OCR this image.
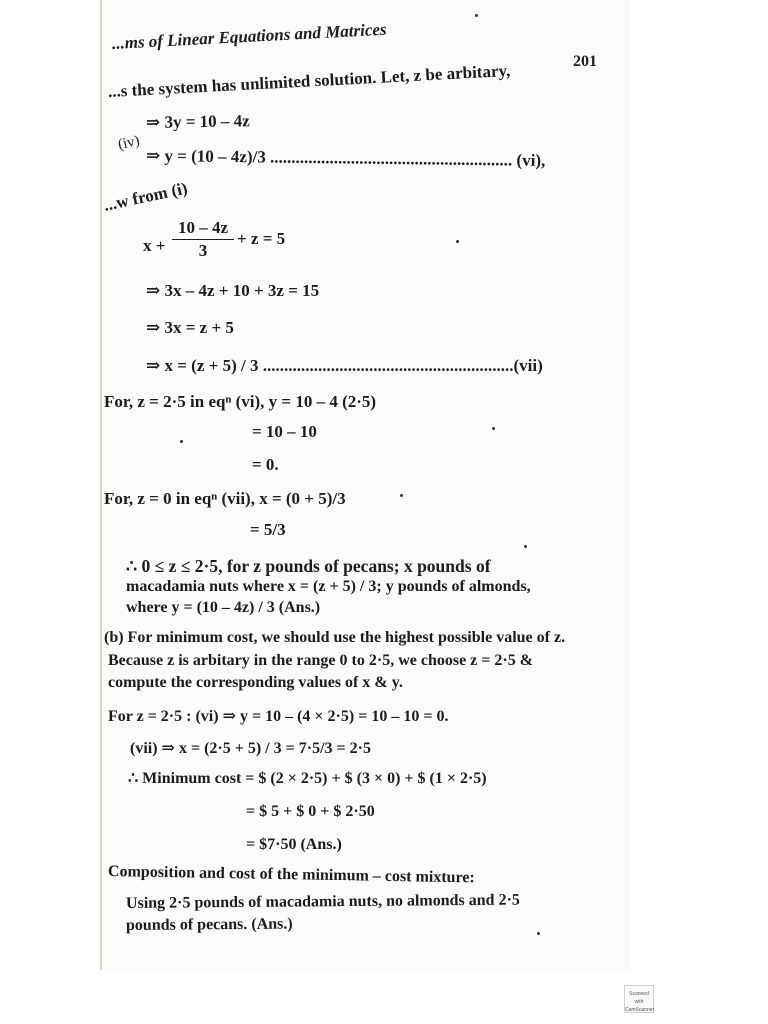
...ms of Linear Equations and Matrices
201
...s the system has unlimited solution. Let, z be arbitary,
(iv)
⇒ 3y = 10 – 4z
⇒ y = (10 – 4z)/3 ......................................................... (vi),
...w from (i)
x +
10 – 4z
3
+ z = 5
⇒ 3x – 4z + 10 + 3z = 15
⇒ 3x = z + 5
⇒ x = (z + 5) / 3 ...........................................................(vii)
For, z = 2·5 in eqⁿ (vi), y = 10 – 4 (2·5)
= 10 – 10
= 0.
For, z = 0 in eqⁿ (vii), x = (0 + 5)/3
= 5/3
∴ 0 ≤ z ≤ 2·5, for z pounds of pecans; x pounds of
macadamia nuts where x = (z + 5) / 3; y pounds of almonds,
where y = (10 – 4z) / 3 (Ans.)
(b) For minimum cost, we should use the highest possible value of z.
Because z is arbitary in the range 0 to 2·5, we choose z = 2·5 &
compute the corresponding values of x & y.
For z = 2·5 : (vi) ⇒ y = 10 – (4 × 2·5) = 10 – 10 = 0.
(vii) ⇒ x = (2·5 + 5) / 3 = 7·5/3 = 2·5
∴ Minimum cost = $ (2 × 2·5) + $ (3 × 0) + $ (1 × 2·5)
= $ 5 + $ 0 + $ 2·50
= $7·50 (Ans.)
Composition and cost of the minimum – cost mixture:
Using 2·5 pounds of macadamia nuts, no almonds and 2·5
pounds of pecans. (Ans.)
Scanned with
CamScanner
